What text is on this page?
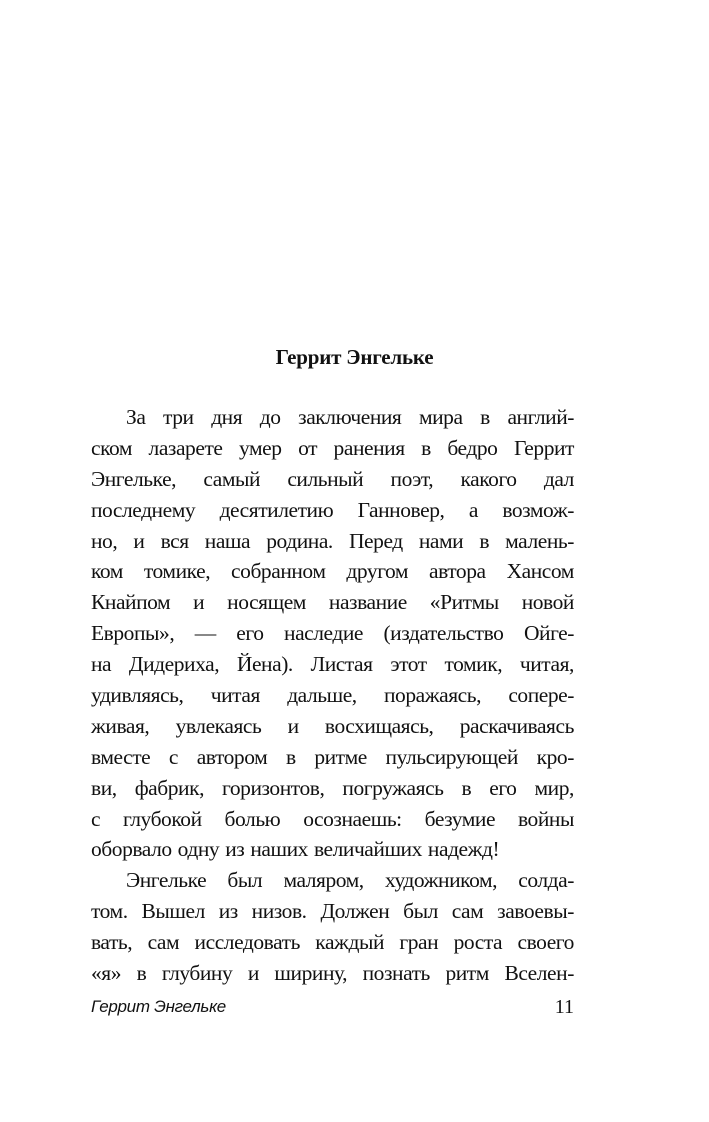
Геррит Энгельке
За три дня до заключения мира в англий-
ском лазарете умер от ранения в бедро Геррит
Энгельке, самый сильный поэт, какого дал
последнему десятилетию Ганновер, а возмож-
но, и вся наша родина. Перед нами в малень-
ком томике, собранном другом автора Хансом
Кнайпом и носящем название «Ритмы новой
Европы», — его наследие (издательство Ойге-
на Дидериха, Йена). Листая этот томик, читая,
удивляясь, читая дальше, поражаясь, сопере-
живая, увлекаясь и восхищаясь, раскачиваясь
вместе с автором в ритме пульсирующей кро-
ви, фабрик, горизонтов, погружаясь в его мир,
с глубокой болью осознаешь: безумие войны
оборвало одну из наших величайших надежд!
Энгельке был маляром, художником, солда-
том. Вышел из низов. Должен был сам завоевы-
вать, сам исследовать каждый гран роста своего
«я» в глубину и ширину, познать ритм Вселен-
Геррит Энгельке	11
